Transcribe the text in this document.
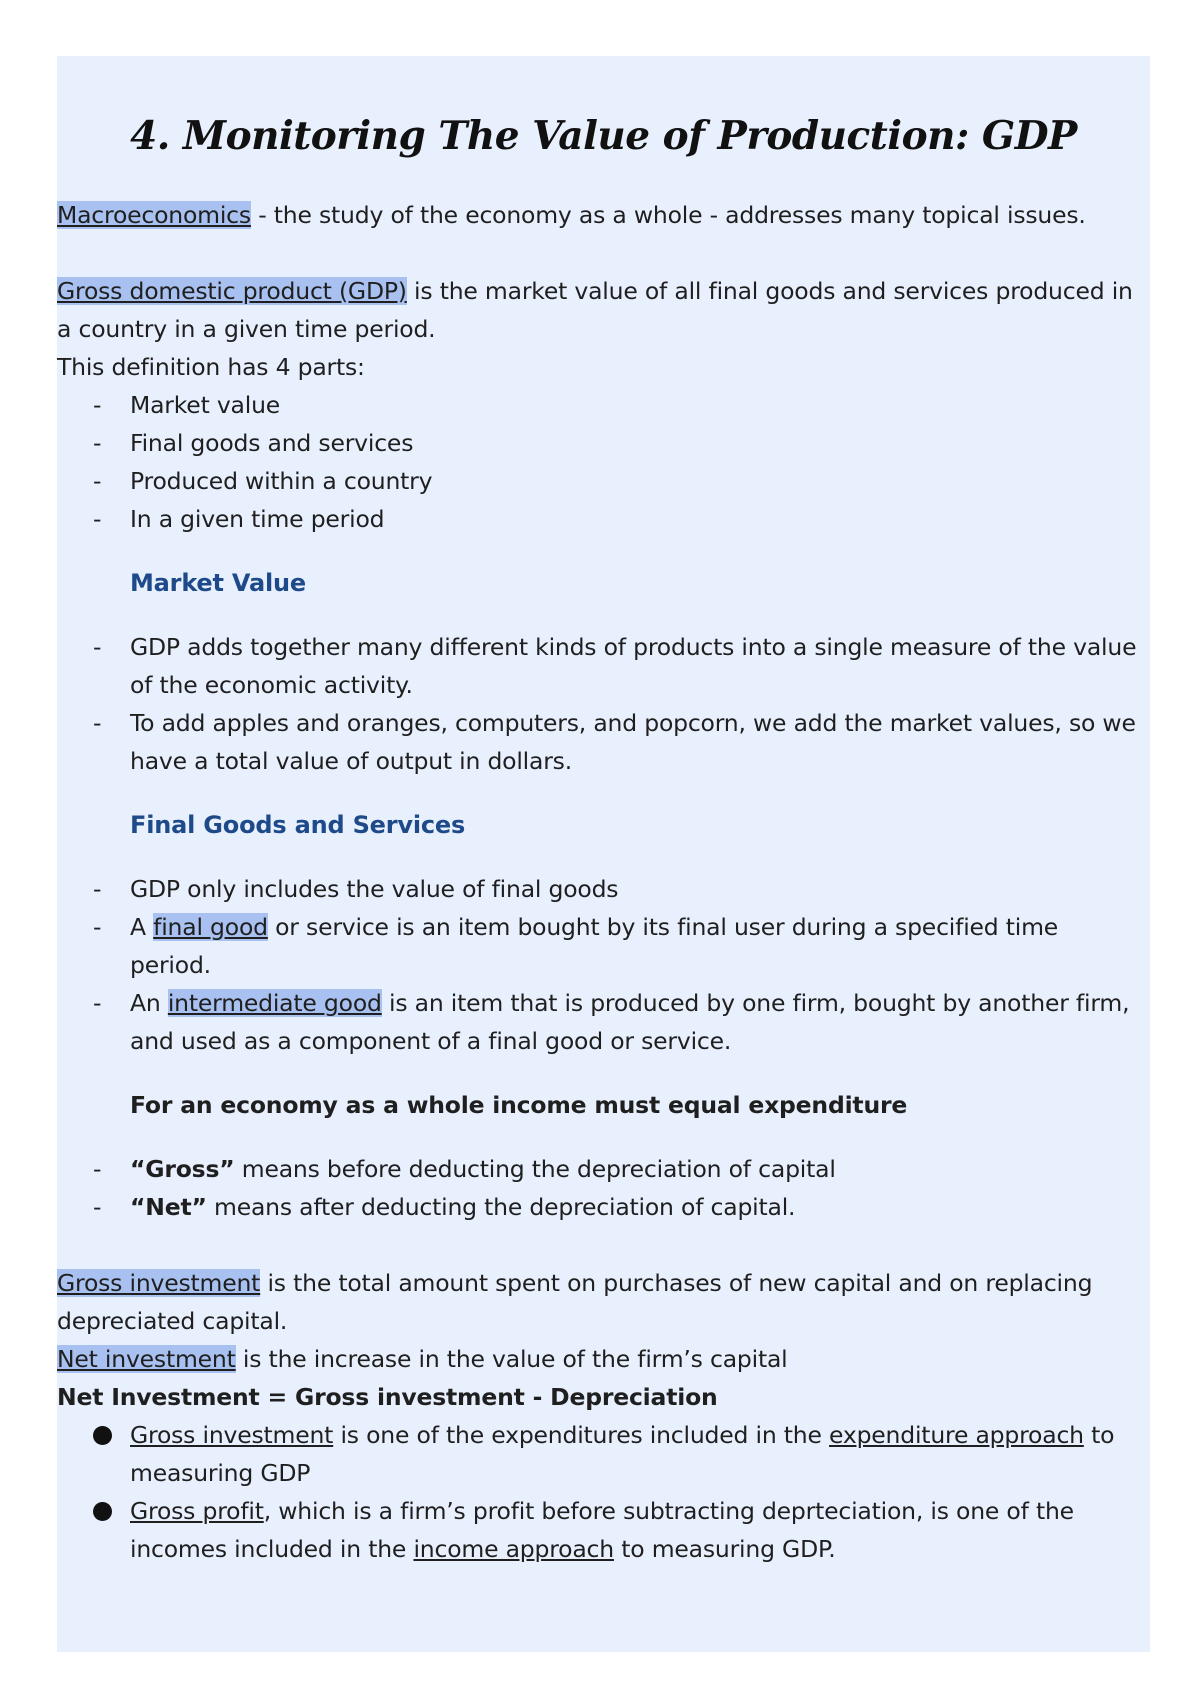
4. Monitoring The Value of Production: GDP

Macroeconomics - the study of the economy as a whole - addresses many topical issues.

Gross domestic product (GDP) is the market value of all final goods and services produced in a country in a given time period.

This definition has 4 parts:

- Market value
- Final goods and services
- Produced within a country
- In a given time period
Market Value
- GDP adds together many different kinds of products into a single measure of the value of the economic activity.
- To add apples and oranges, computers, and popcorn, we add the market values, so we have a total value of output in dollars.
Final Goods and Services
- GDP only includes the value of final goods
- A final good or service is an item bought by its final user during a specified time period.
- An intermediate good is an item that is produced by one firm, bought by another firm, and used as a component of a final good or service.

For an economy as a whole income must equal expenditure

- “Gross” means before deducting the depreciation of capital
- “Net” means after deducting the depreciation of capital.

Gross investment is the total amount spent on purchases of new capital and on replacing depreciated capital.

Net investment is the increase in the value of the firm’s capital

Net Investment = Gross investment - Depreciation

Gross investment is one of the expenditures included in the expenditure approach to measuring GDP
Gross profit, which is a firm’s profit before subtracting deprteciation, is one of the incomes included in the income approach to measuring GDP.
